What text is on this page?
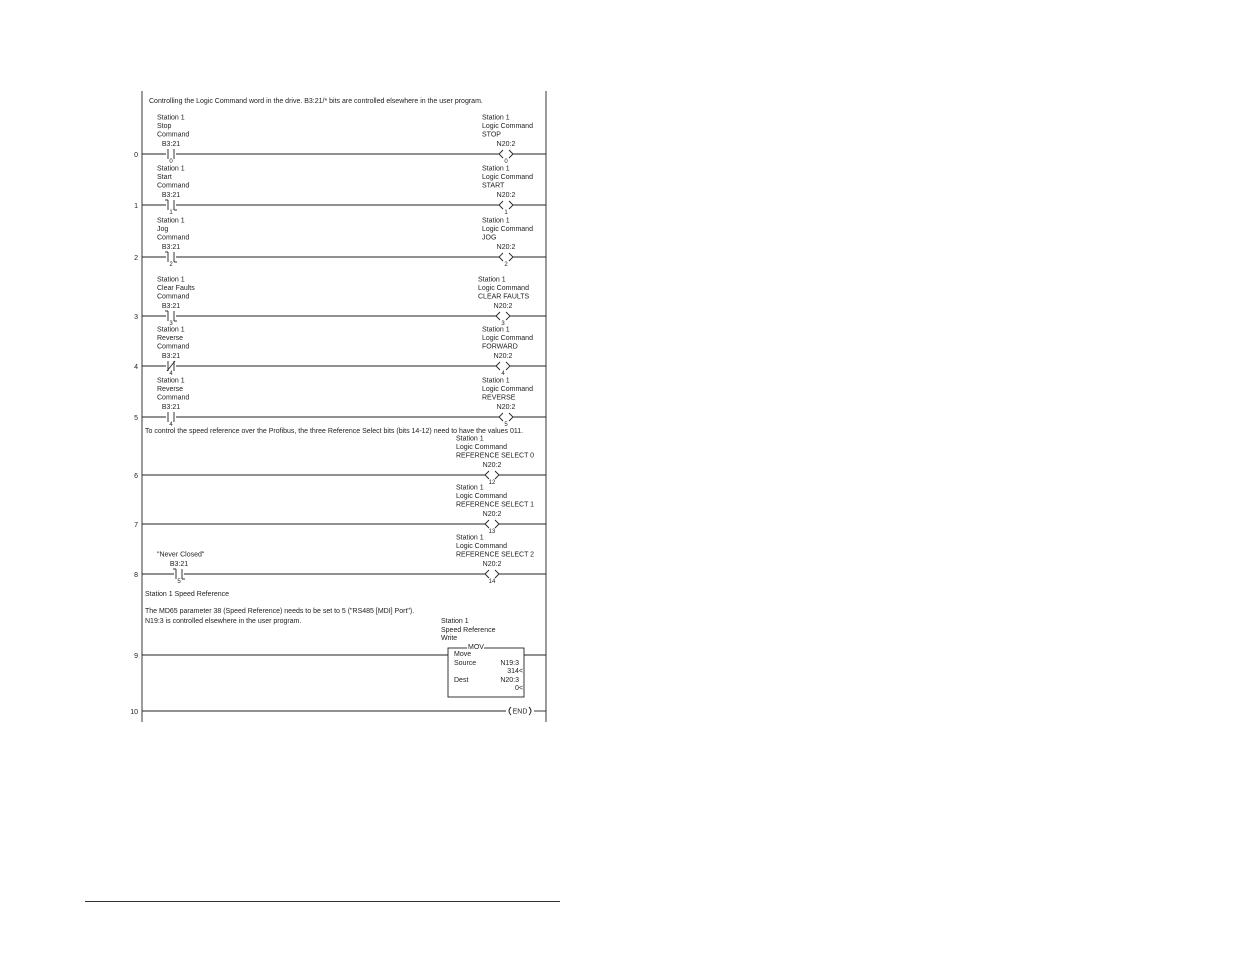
0
Controlling the Logic Command word in the drive. B3:21/* bits are controlled elsewhere in the user program.
Station 1
Stop
Command
B3:21
0
Station 1
Logic Command
STOP
N20:2
0
1
Station 1
Start
Command
B3:21
1
Station 1
Logic Command
START
N20:2
1
2
Station 1
Jog
Command
B3:21
2
Station 1
Logic Command
JOG
N20:2
2
3
Station 1
Clear Faults
Command
B3:21
3
Station 1
Logic Command
CLEAR FAULTS
N20:2
3
4
Station 1
Reverse
Command
B3:21
4
Station 1
Logic Command
FORWARD
N20:2
4
5
Station 1
Reverse
Command
B3:21
4
Station 1
Logic Command
REVERSE
N20:2
5
6
To control the speed reference over the Profibus, the three Reference Select bits (bits 14-12) need to have the values 011.
Station 1
Logic Command
REFERENCE SELECT 0
N20:2
12
7
Station 1
Logic Command
REFERENCE SELECT 1
N20:2
13
8
"Never Closed"
B3:21
5
Station 1
Logic Command
REFERENCE SELECT 2
N20:2
14
9
Station 1 Speed Reference
The MD65 parameter 38 (Speed Reference) needs to be set to 5 ("RS485 [MDI] Port").
N19:3 is controlled elsewhere in the user program.	Station 1
Speed Reference
Write
MOV
Move
Source	N19:3
314<
Dest	N20:3
0<
10	END
